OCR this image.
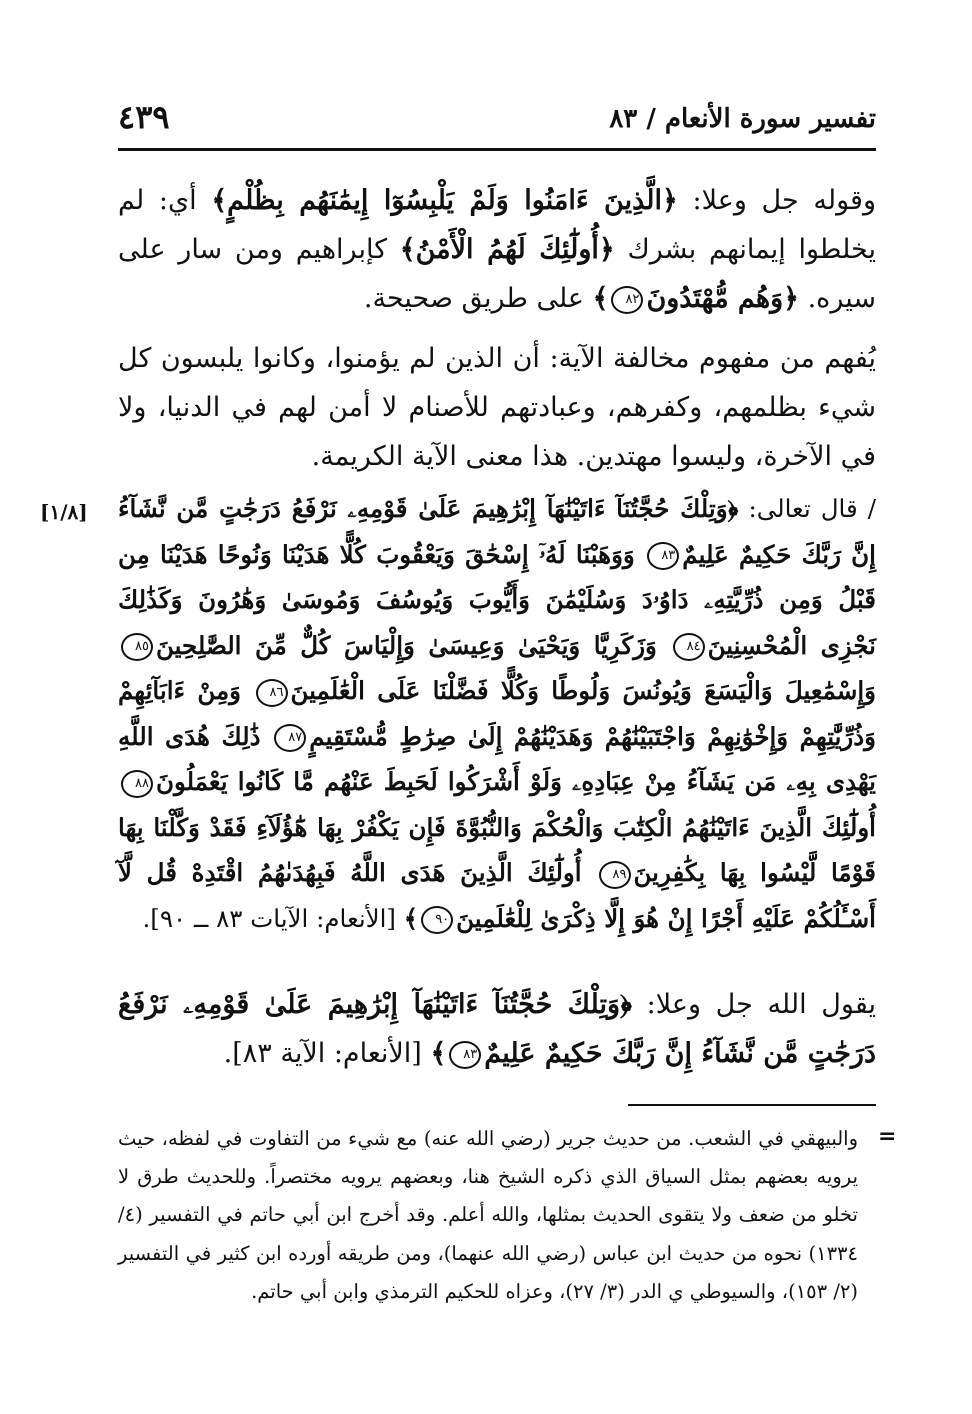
تفسير سورة الأنعام / ٨٣
٤٣٩
وقوله جل وعلا: ﴿الَّذِينَ ءَامَنُوا وَلَمْ يَلْبِسُوٓا إِيمَٰنَهُم بِظُلْمٍ﴾ أي: لم يخلطوا إيمانهم بشرك ﴿أُولَٰٓئِكَ لَهُمُ الْأَمْنُ﴾ كإبراهيم ومن سار على سيره. ﴿وَهُم مُّهْتَدُونَ٨٢﴾ على طريق صحيحة.
يُفهم من مفهوم مخالفة الآية: أن الذين لم يؤمنوا، وكانوا يلبسون كل شيء بظلمهم، وكفرهم، وعبادتهم للأصنام لا أمن لهم في الدنيا، ولا في الآخرة، وليسوا مهتدين. هذا معنى الآية الكريمة.
[١/٨]	/ قال تعالى: ﴿وَتِلْكَ حُجَّتُنَآ ءَاتَيْنَٰهَآ إِبْرَٰهِيمَ عَلَىٰ قَوْمِهِۦ نَرْفَعُ دَرَجَٰتٍ مَّن نَّشَآءُ إِنَّ رَبَّكَ حَكِيمٌ عَلِيمٌ٨٣ وَوَهَبْنَا لَهُۥٓ إِسْحَٰقَ وَيَعْقُوبَ كُلًّا هَدَيْنَا وَنُوحًا هَدَيْنَا مِن قَبْلُ وَمِن ذُرِّيَّتِهِۦ دَاوُۥدَ وَسُلَيْمَٰنَ وَأَيُّوبَ وَيُوسُفَ وَمُوسَىٰ وَهَٰرُونَ وَكَذَٰلِكَ نَجْزِى الْمُحْسِنِينَ٨٤ وَزَكَرِيَّا وَيَحْيَىٰ وَعِيسَىٰ وَإِلْيَاسَ كُلٌّ مِّنَ الصَّٰلِحِينَ٨٥ وَإِسْمَٰعِيلَ وَالْيَسَعَ وَيُونُسَ وَلُوطًا وَكُلًّا فَضَّلْنَا عَلَى الْعَٰلَمِينَ٨٦ وَمِنْ ءَابَآئِهِمْ وَذُرِّيَّٰتِهِمْ وَإِخْوَٰنِهِمْ وَاجْتَبَيْنَٰهُمْ وَهَدَيْنَٰهُمْ إِلَىٰ صِرَٰطٍ مُّسْتَقِيمٍ٨٧ ذَٰلِكَ هُدَى اللَّهِ يَهْدِى بِهِۦ مَن يَشَآءُ مِنْ عِبَادِهِۦ وَلَوْ أَشْرَكُوا لَحَبِطَ عَنْهُم مَّا كَانُوا يَعْمَلُونَ٨٨ أُولَٰٓئِكَ الَّذِينَ ءَاتَيْنَٰهُمُ الْكِتَٰبَ وَالْحُكْمَ وَالنُّبُوَّةَ فَإِن يَكْفُرْ بِهَا هَٰٓؤُلَآءِ فَقَدْ وَكَّلْنَا بِهَا قَوْمًا لَّيْسُوا بِهَا بِكَٰفِرِينَ٨٩ أُولَٰٓئِكَ الَّذِينَ هَدَى اللَّهُ فَبِهُدَىٰهُمُ اقْتَدِهْ قُل لَّآ أَسْـَٔلُكُمْ عَلَيْهِ أَجْرًا إِنْ هُوَ إِلَّا ذِكْرَىٰ لِلْعَٰلَمِينَ٩٠﴾ [الأنعام: الآيات ٨٣ ــ ٩٠].
يقول الله جل وعلا: ﴿وَتِلْكَ حُجَّتُنَآ ءَاتَيْنَٰهَآ إِبْرَٰهِيمَ عَلَىٰ قَوْمِهِۦ نَرْفَعُ دَرَجَٰتٍ مَّن نَّشَآءُ إِنَّ رَبَّكَ حَكِيمٌ عَلِيمٌ٨٣﴾ [الأنعام: الآية ٨٣].
=
والبيهقي في الشعب. من حديث جرير (رضي الله عنه) مع شيء من التفاوت في لفظه، حيث يرويه بعضهم بمثل السياق الذي ذكره الشيخ هنا، وبعضهم يرويه مختصراً. وللحديث طرق لا تخلو من ضعف ولا يتقوى الحديث بمثلها، والله أعلم. وقد أخرج ابن أبي حاتم في التفسير (٤/ ١٣٣٤) نحوه من حديث ابن عباس (رضي الله عنهما)، ومن طريقه أورده ابن كثير في التفسير (٢/ ١٥٣)، والسيوطي ي الدر (٣/ ٢٧)، وعزاه للحكيم الترمذي وابن أبي حاتم.
